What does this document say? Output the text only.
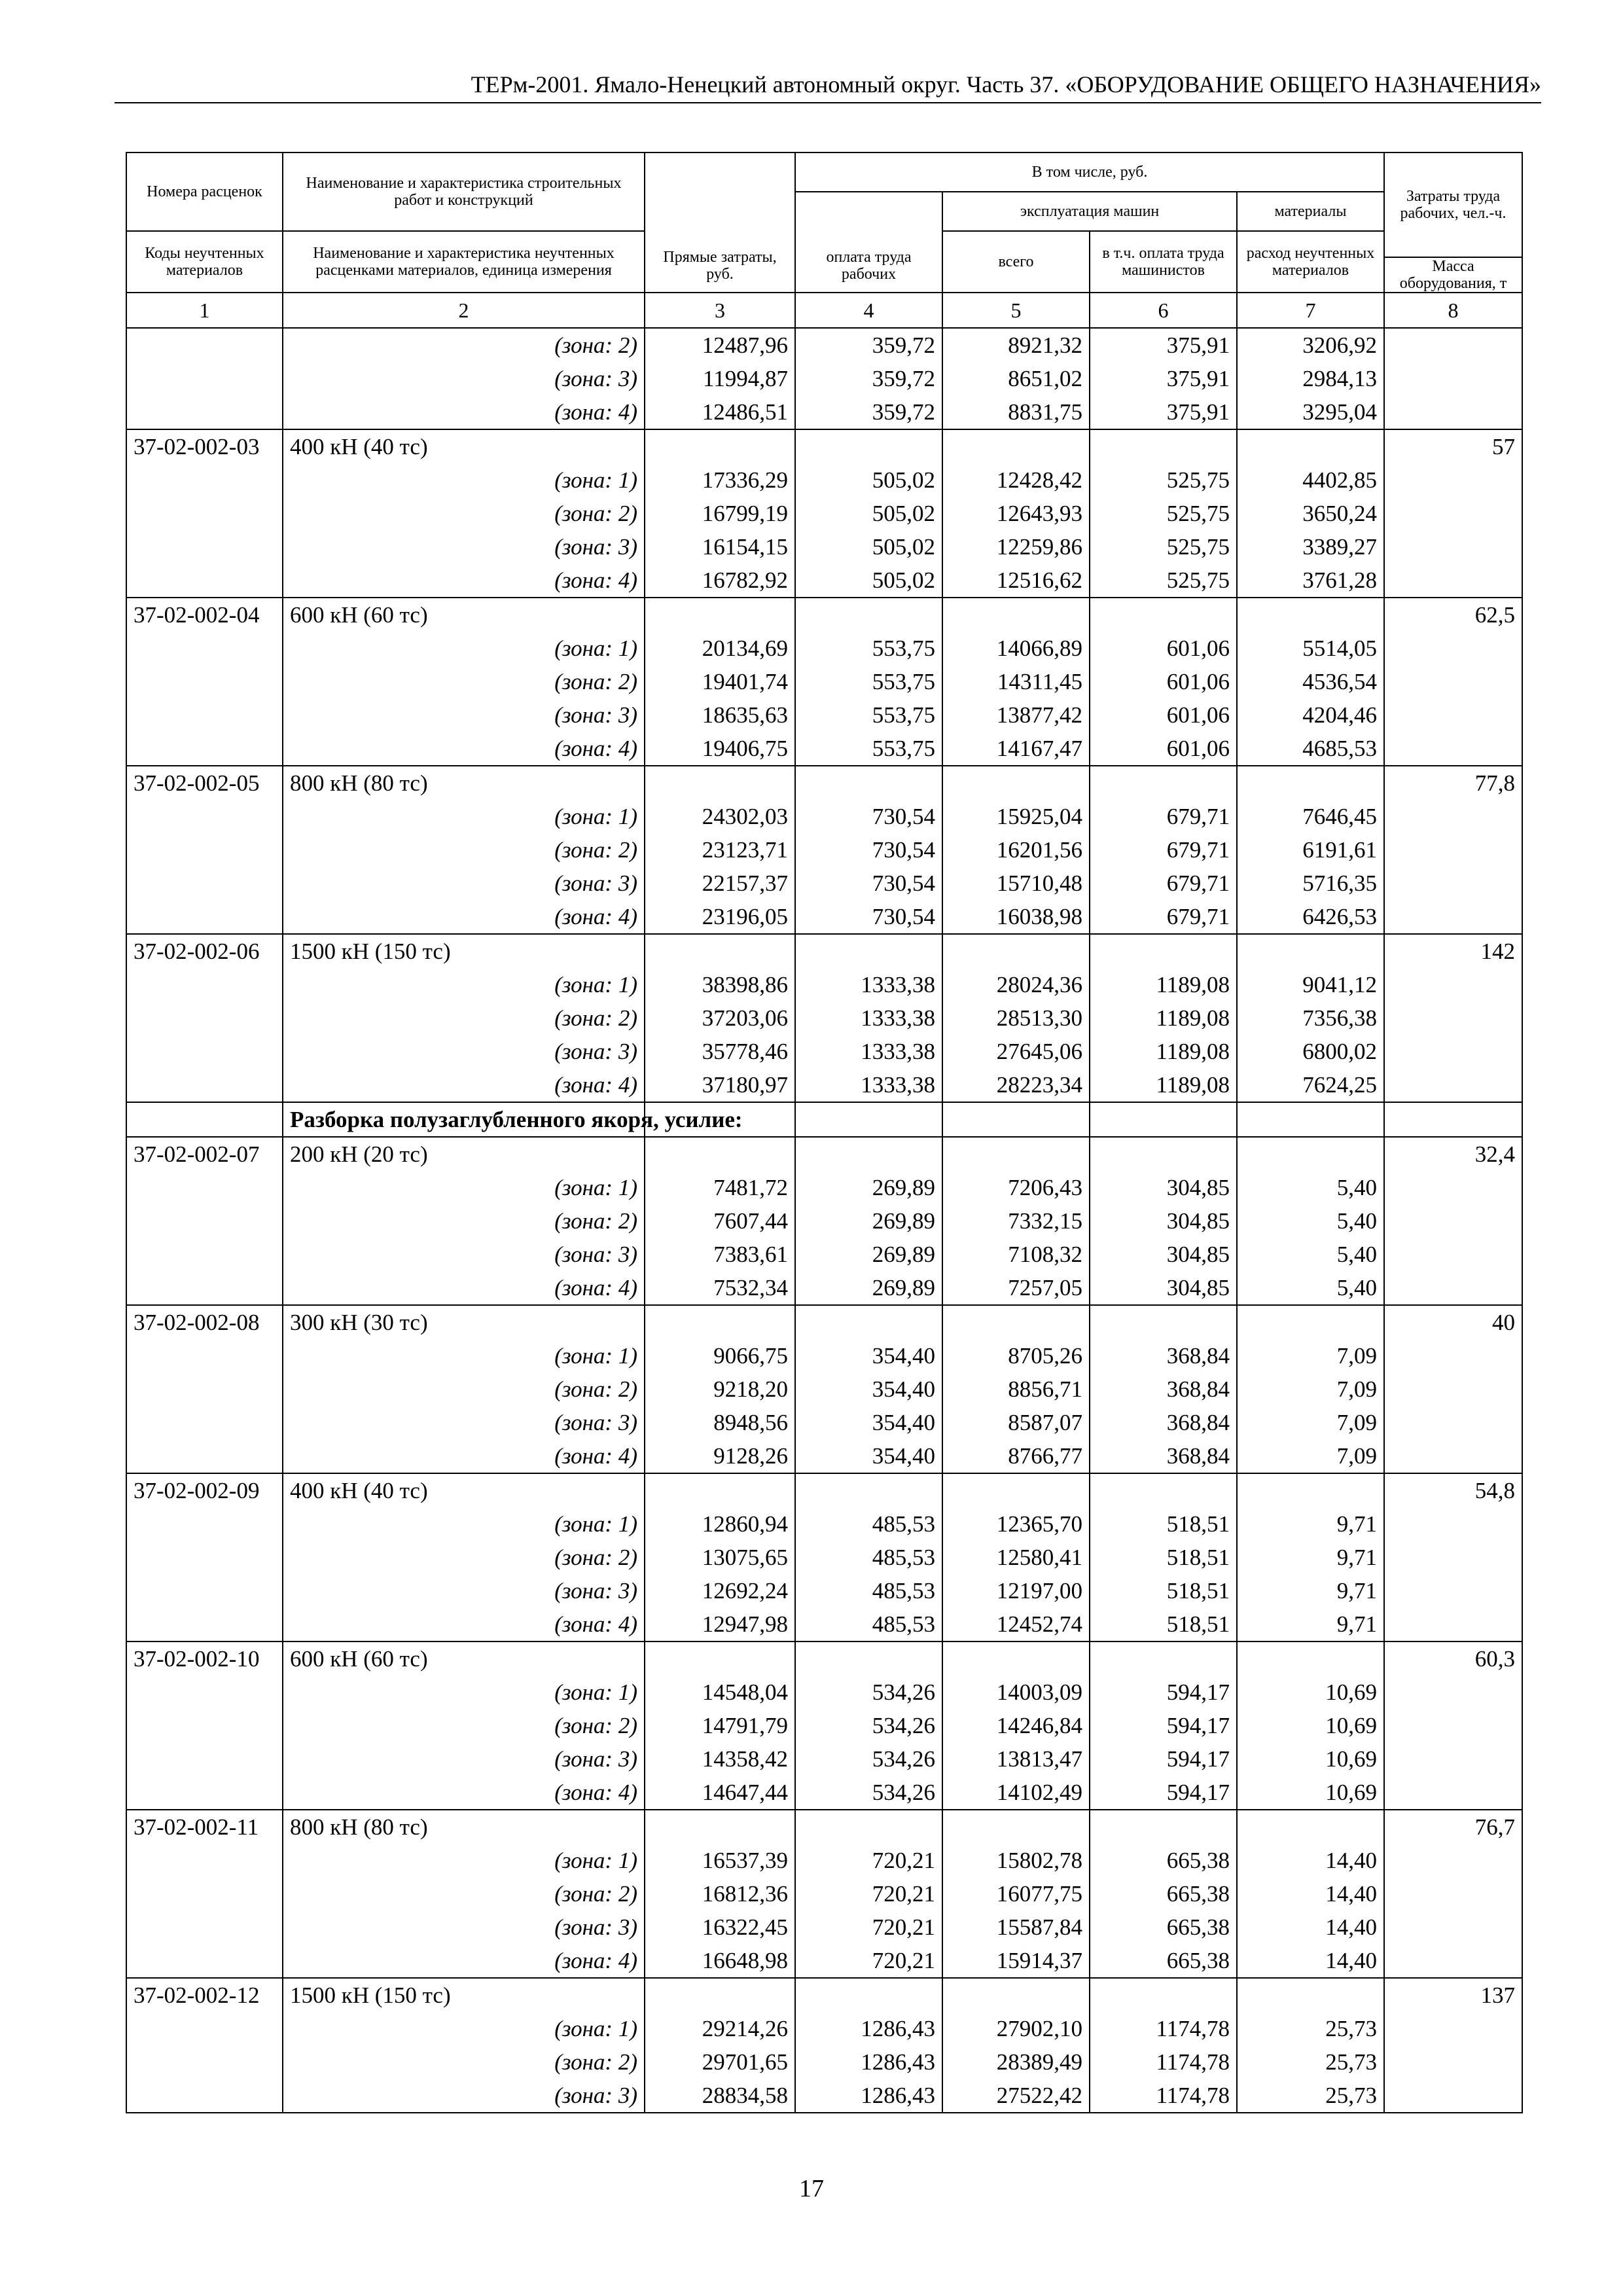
ТЕРм-2001. Ямало-Ненецкий автономный округ. Часть 37. «ОБОРУДОВАНИЕ ОБЩЕГО НАЗНАЧЕНИЯ»
Номера расценок	Наименование и характеристика строительных работ и конструкций	Прямые затраты, руб.	В том числе, руб.				Затраты труда рабочих, чел.-ч.
			оплата труда рабочих	эксплуатация машин		материалы	
Коды неучтенных материалов	Наименование и характеристика неучтенных расценками материалов, единица измерения			всего	в т.ч. оплата труда машинистов	расход неучтенных материалов	
							Масса оборудования, т
1	2	3	4	5	6	7	8
	(зона: 2)	12487,96	359,72	8921,32	375,91	3206,92	
	(зона: 3)	11994,87	359,72	8651,02	375,91	2984,13	
	(зона: 4)	12486,51	359,72	8831,75	375,91	3295,04	
37-02-002-03	400 кН (40 тс)						57
	(зона: 1)	17336,29	505,02	12428,42	525,75	4402,85	
	(зона: 2)	16799,19	505,02	12643,93	525,75	3650,24	
	(зона: 3)	16154,15	505,02	12259,86	525,75	3389,27	
	(зона: 4)	16782,92	505,02	12516,62	525,75	3761,28	
37-02-002-04	600 кН (60 тс)						62,5
	(зона: 1)	20134,69	553,75	14066,89	601,06	5514,05	
	(зона: 2)	19401,74	553,75	14311,45	601,06	4536,54	
	(зона: 3)	18635,63	553,75	13877,42	601,06	4204,46	
	(зона: 4)	19406,75	553,75	14167,47	601,06	4685,53	
37-02-002-05	800 кН (80 тс)						77,8
	(зона: 1)	24302,03	730,54	15925,04	679,71	7646,45	
	(зона: 2)	23123,71	730,54	16201,56	679,71	6191,61	
	(зона: 3)	22157,37	730,54	15710,48	679,71	5716,35	
	(зона: 4)	23196,05	730,54	16038,98	679,71	6426,53	
37-02-002-06	1500 кН (150 тс)						142
	(зона: 1)	38398,86	1333,38	28024,36	1189,08	9041,12	
	(зона: 2)	37203,06	1333,38	28513,30	1189,08	7356,38	
	(зона: 3)	35778,46	1333,38	27645,06	1189,08	6800,02	
	(зона: 4)	37180,97	1333,38	28223,34	1189,08	7624,25	
	Разборка полузаглубленного якоря, усилие:						
37-02-002-07	200 кН (20 тс)						32,4
	(зона: 1)	7481,72	269,89	7206,43	304,85	5,40	
	(зона: 2)	7607,44	269,89	7332,15	304,85	5,40	
	(зона: 3)	7383,61	269,89	7108,32	304,85	5,40	
	(зона: 4)	7532,34	269,89	7257,05	304,85	5,40	
37-02-002-08	300 кН (30 тс)						40
	(зона: 1)	9066,75	354,40	8705,26	368,84	7,09	
	(зона: 2)	9218,20	354,40	8856,71	368,84	7,09	
	(зона: 3)	8948,56	354,40	8587,07	368,84	7,09	
	(зона: 4)	9128,26	354,40	8766,77	368,84	7,09	
37-02-002-09	400 кН (40 тс)						54,8
	(зона: 1)	12860,94	485,53	12365,70	518,51	9,71	
	(зона: 2)	13075,65	485,53	12580,41	518,51	9,71	
	(зона: 3)	12692,24	485,53	12197,00	518,51	9,71	
	(зона: 4)	12947,98	485,53	12452,74	518,51	9,71	
37-02-002-10	600 кН (60 тс)						60,3
	(зона: 1)	14548,04	534,26	14003,09	594,17	10,69	
	(зона: 2)	14791,79	534,26	14246,84	594,17	10,69	
	(зона: 3)	14358,42	534,26	13813,47	594,17	10,69	
	(зона: 4)	14647,44	534,26	14102,49	594,17	10,69	
37-02-002-11	800 кН (80 тс)						76,7
	(зона: 1)	16537,39	720,21	15802,78	665,38	14,40	
	(зона: 2)	16812,36	720,21	16077,75	665,38	14,40	
	(зона: 3)	16322,45	720,21	15587,84	665,38	14,40	
	(зона: 4)	16648,98	720,21	15914,37	665,38	14,40	
37-02-002-12	1500 кН (150 тс)						137
	(зона: 1)	29214,26	1286,43	27902,10	1174,78	25,73	
	(зона: 2)	29701,65	1286,43	28389,49	1174,78	25,73	
	(зона: 3)	28834,58	1286,43	27522,42	1174,78	25,73	
17
